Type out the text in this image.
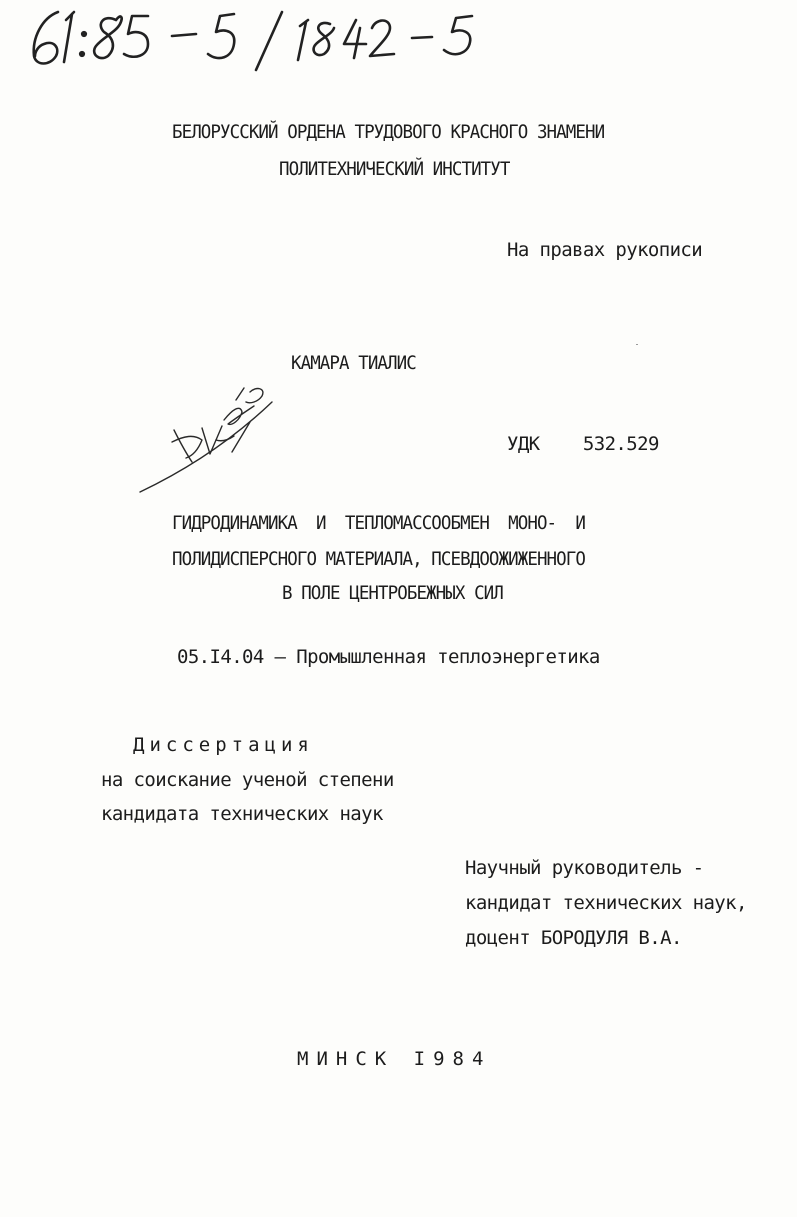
БЕЛОРУССКИЙ ОРДЕНА ТРУДОВОГО КРАСНОГО ЗНАМЕНИ
ПОЛИТЕХНИЧЕСКИЙ ИНСТИТУТ
На правах рукописи
КАМАРА ТИАЛИС
УДК 532.529
ГИДРОДИНАМИКА  И  ТЕПЛОМАССООБМЕН  МОНО-  И
ПОЛИДИСПЕРСНОГО МАТЕРИАЛА, ПСЕВДООЖИЖЕННОГО
В ПОЛЕ ЦЕНТРОБЕЖНЫХ СИЛ
05.I4.04 – Промышленная теплоэнергетика
Диссертация
на соискание ученой степени
кандидата технических наук
Научный руководитель -
кандидат технических наук,
доцент БОРОДУЛЯ В.А.
МИНСК I984
